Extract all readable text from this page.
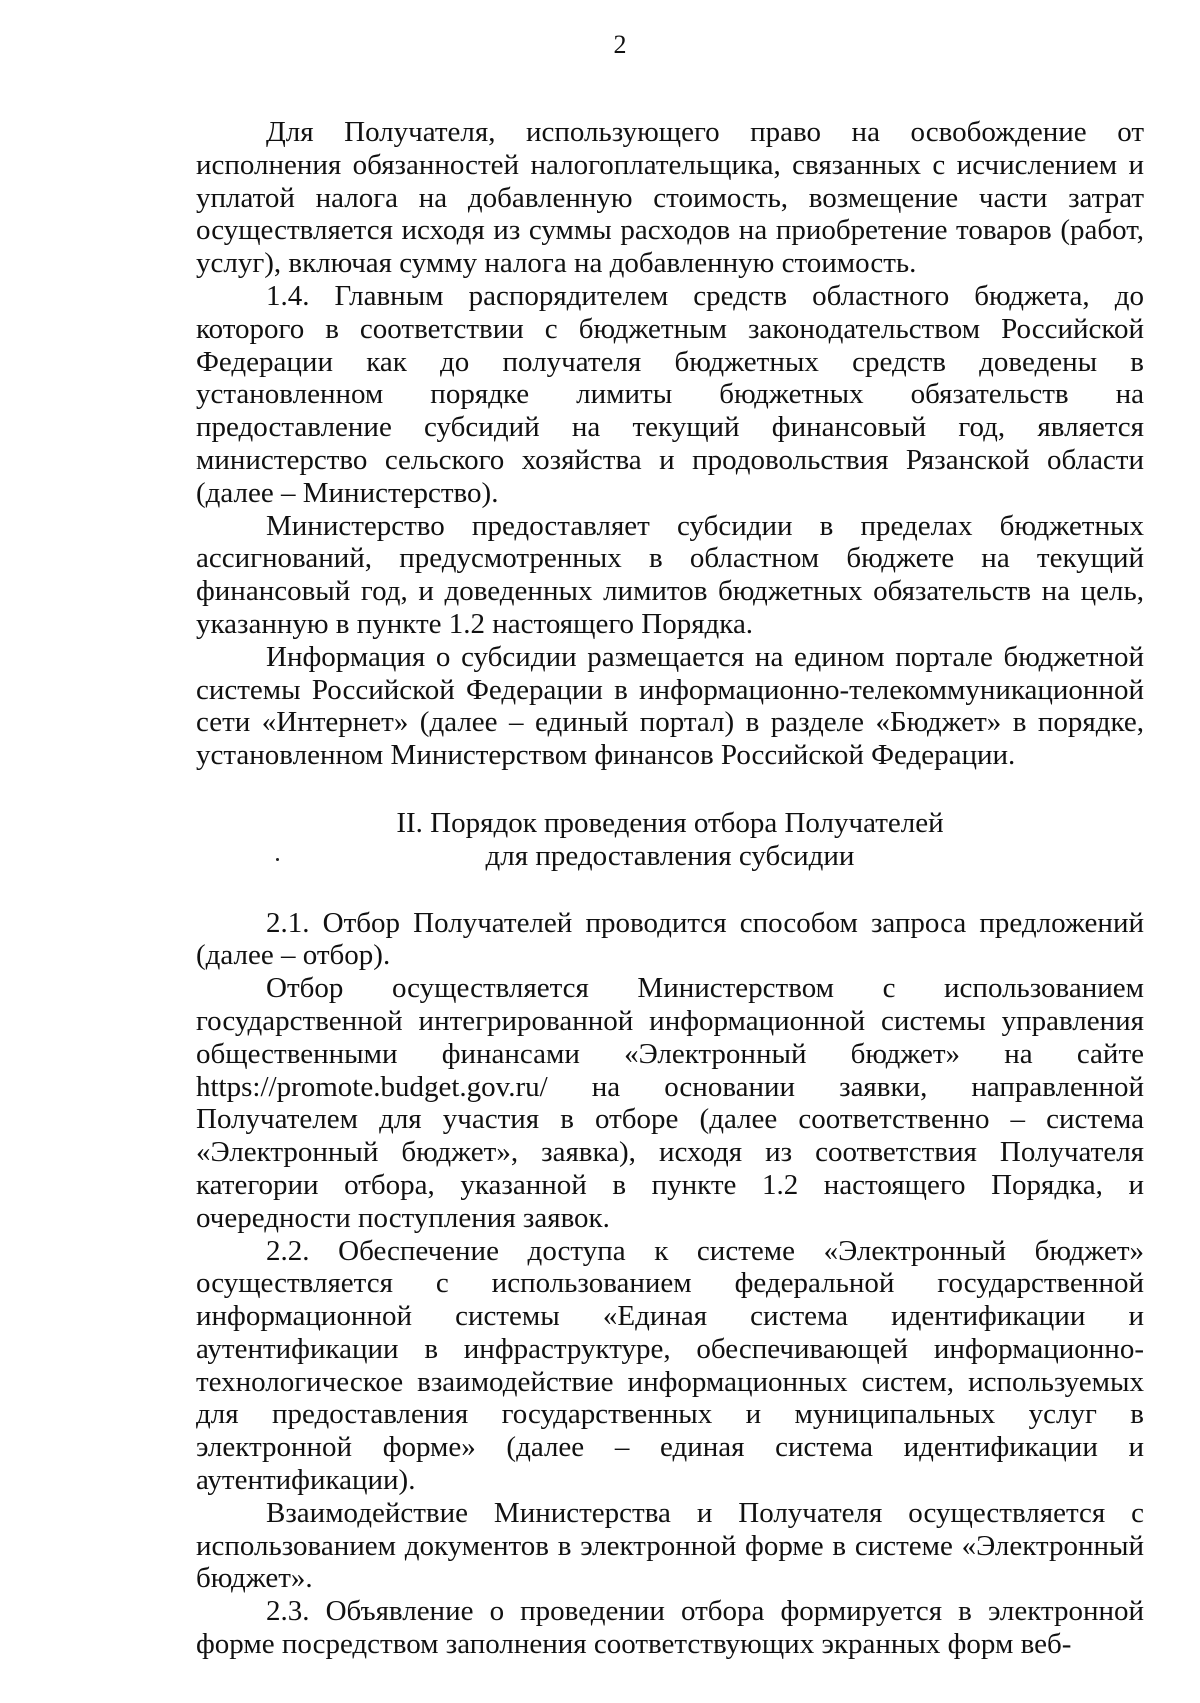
2

Для Получателя, использующего право на освобождение от исполнения обязанностей налогоплательщика, связанных с исчислением и уплатой налога на добавленную стоимость, возмещение части затрат осуществляется исходя из суммы расходов на приобретение товаров (работ, услуг), включая сумму налога на добавленную стоимость.

1.4. Главным распорядителем средств областного бюджета, до которого в соответствии с бюджетным законодательством Российской Федерации как до получателя бюджетных средств доведены в установленном порядке лимиты бюджетных обязательств на предоставление субсидий на текущий финансовый год, является министерство сельского хозяйства и продовольствия Рязанской области (далее – Министерство).

Министерство предоставляет субсидии в пределах бюджетных ассигнований, предусмотренных в областном бюджете на текущий финансовый год, и доведенных лимитов бюджетных обязательств на цель, указанную в пункте 1.2 настоящего Порядка.

Информация о субсидии размещается на едином портале бюджетной системы Российской Федерации в информационно-телекоммуникационной сети «Интернет» (далее – единый портал) в разделе «Бюджет» в порядке, установленном Министерством финансов Российской Федерации.

II. Порядок проведения отбора Получателей
для предоставления субсидии

2.1. Отбор Получателей проводится способом запроса предложений (далее – отбор).

Отбор осуществляется Министерством с использованием государственной интегрированной информационной системы управления общественными финансами «Электронный бюджет» на сайте https://promote.budget.gov.ru/ на основании заявки, направленной Получателем для участия в отборе (далее соответственно – система «Электронный бюджет», заявка), исходя из соответствия Получателя категории отбора, указанной в пункте 1.2 настоящего Порядка, и очередности поступления заявок.

2.2. Обеспечение доступа к системе «Электронный бюджет» осуществляется с использованием федеральной государственной информационной системы «Единая система идентификации и аутентификации в инфраструктуре, обеспечивающей информационно-технологическое взаимодействие информационных систем, используемых для предоставления государственных и муниципальных услуг в электронной форме» (далее – единая система идентификации и аутентификации).

Взаимодействие Министерства и Получателя осуществляется с использованием документов в электронной форме в системе «Электронный бюджет».

2.3. Объявление о проведении отбора формируется в электронной форме посредством заполнения соответствующих экранных форм веб-
